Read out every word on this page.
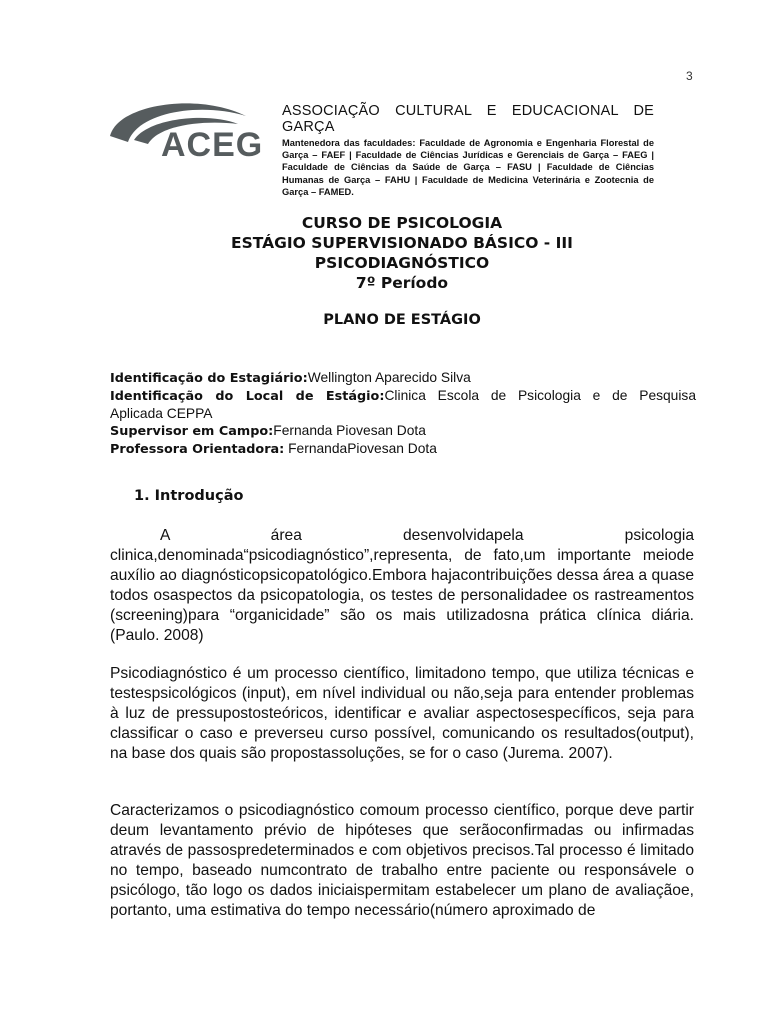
3
ACEG
ASSOCIAÇÃO CULTURAL E EDUCACIONAL DE
GARÇA
Mantenedora das faculdades: Faculdade de Agronomia e Engenharia Florestal de Garça – FAEF | Faculdade de Ciências Jurídicas e Gerenciais de Garça – FAEG | Faculdade de Ciências da Saúde de Garça – FASU | Faculdade de Ciências Humanas de Garça – FAHU | Faculdade de Medicina Veterinária e Zootecnia de Garça – FAMED.
CURSO DE PSICOLOGIA
ESTÁGIO SUPERVISIONADO BÁSICO - III
PSICODIAGNÓSTICO
7º Período
PLANO DE ESTÁGIO
Identificação do Estagiário:Wellington Aparecido Silva
Identificação do Local de Estágio:Clinica Escola de Psicologia e de Pesquisa
Aplicada CEPPA
Supervisor em Campo:Fernanda Piovesan Dota
Professora Orientadora: FernandaPiovesan Dota
1. Introdução
A área desenvolvidapela psicologia clinica,denominada“psicodiagnóstico”,representa, de fato,um importante meiode auxílio ao diagnósticopsicopatológico.Embora hajacontribuições dessa área a quase todos osaspectos da psicopatologia, os testes de personalidadee os rastreamentos (screening)para “organicidade” são os mais utilizadosna prática clínica diária. (Paulo. 2008)
Psicodiagnóstico é um processo científico, limitadono tempo, que utiliza técnicas e testespsicológicos (input), em nível individual ou não,seja para entender problemas à luz de pressupostosteóricos, identificar e avaliar aspectosespecíficos, seja para classificar o caso e preverseu curso possível, comunicando os resultados(output), na base dos quais são propostassoluções, se for o caso (Jurema. 2007).
Caracterizamos o psicodiagnóstico comoum processo científico, porque deve partir deum levantamento prévio de hipóteses que serãoconfirmadas ou infirmadas através de passospredeterminados e com objetivos precisos.Tal processo é limitado no tempo, baseado numcontrato de trabalho entre paciente ou responsávele o psicólogo, tão logo os dados iniciaispermitam estabelecer um plano de avaliaçãoe, portanto, uma estimativa do tempo necessário(número aproximado de
